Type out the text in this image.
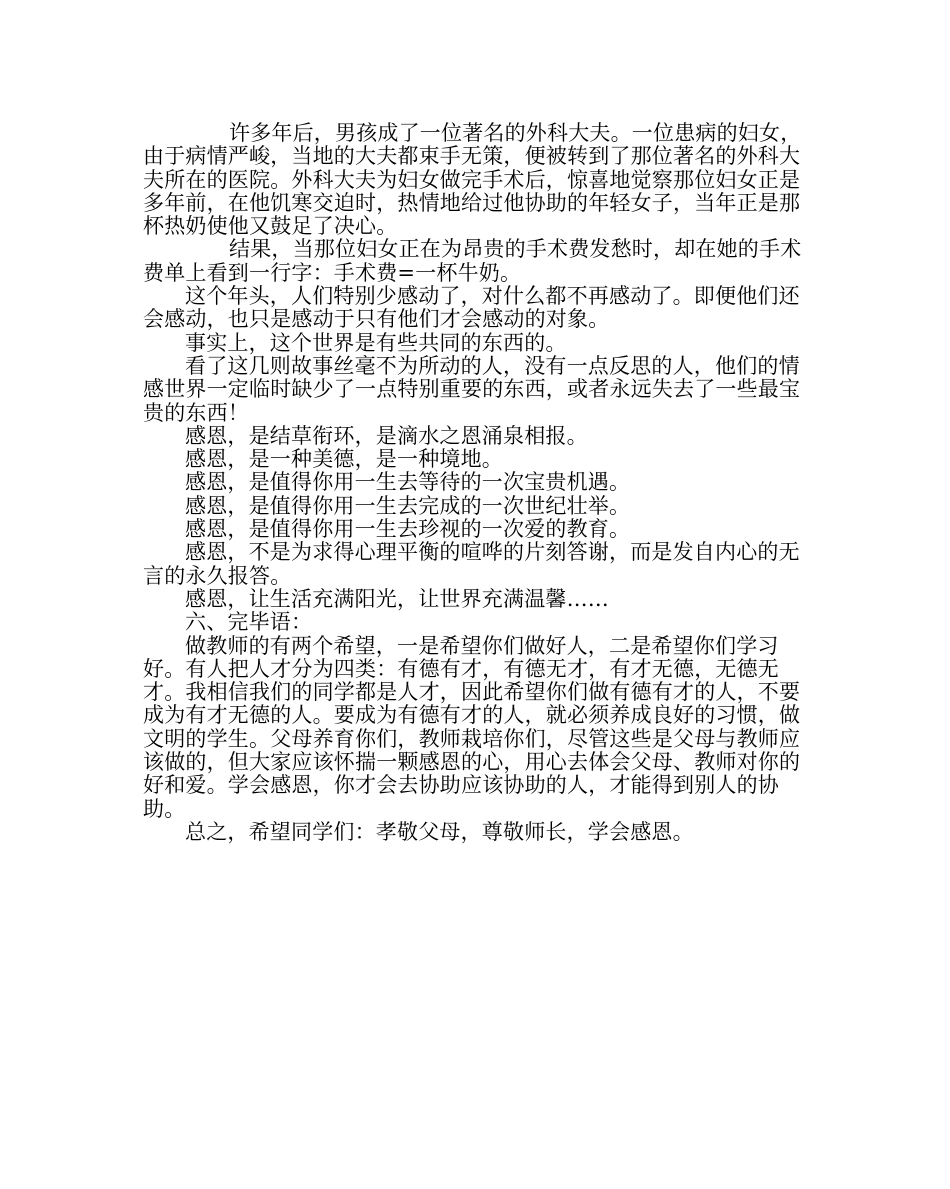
许多年后，男孩成了一位著名的外科大夫。一位患病的妇女，由于病情严峻，当地的大夫都束手无策，便被转到了那位著名的外科大夫所在的医院。外科大夫为妇女做完手术后，惊喜地觉察那位妇女正是多年前，在他饥寒交迫时，热情地给过他协助的年轻女子，当年正是那杯热奶使他又鼓足了决心。

结果，当那位妇女正在为昂贵的手术费发愁时，却在她的手术费单上看到一行字：手术费=一杯牛奶。

这个年头，人们特别少感动了，对什么都不再感动了。即便他们还会感动，也只是感动于只有他们才会感动的对象。

事实上，这个世界是有些共同的东西的。

看了这几则故事丝毫不为所动的人，没有一点反思的人，他们的情感世界一定临时缺少了一点特别重要的东西，或者永远失去了一些最宝贵的东西！

感恩，是结草衔环，是滴水之恩涌泉相报。

感恩，是一种美德，是一种境地。

感恩，是值得你用一生去等待的一次宝贵机遇。

感恩，是值得你用一生去完成的一次世纪壮举。

感恩，是值得你用一生去珍视的一次爱的教育。

感恩，不是为求得心理平衡的喧哗的片刻答谢，而是发自内心的无言的永久报答。

感恩，让生活充满阳光，让世界充满温馨……

六、完毕语：

做教师的有两个希望，一是希望你们做好人，二是希望你们学习好。有人把人才分为四类：有德有才，有德无才，有才无德，无德无才。我相信我们的同学都是人才，因此希望你们做有德有才的人，不要成为有才无德的人。要成为有德有才的人，就必须养成良好的习惯，做文明的学生。父母养育你们，教师栽培你们，尽管这些是父母与教师应该做的，但大家应该怀揣一颗感恩的心，用心去体会父母、教师对你的好和爱。学会感恩，你才会去协助应该协助的人，才能得到别人的协助。

总之，希望同学们：孝敬父母，尊敬师长，学会感恩。
